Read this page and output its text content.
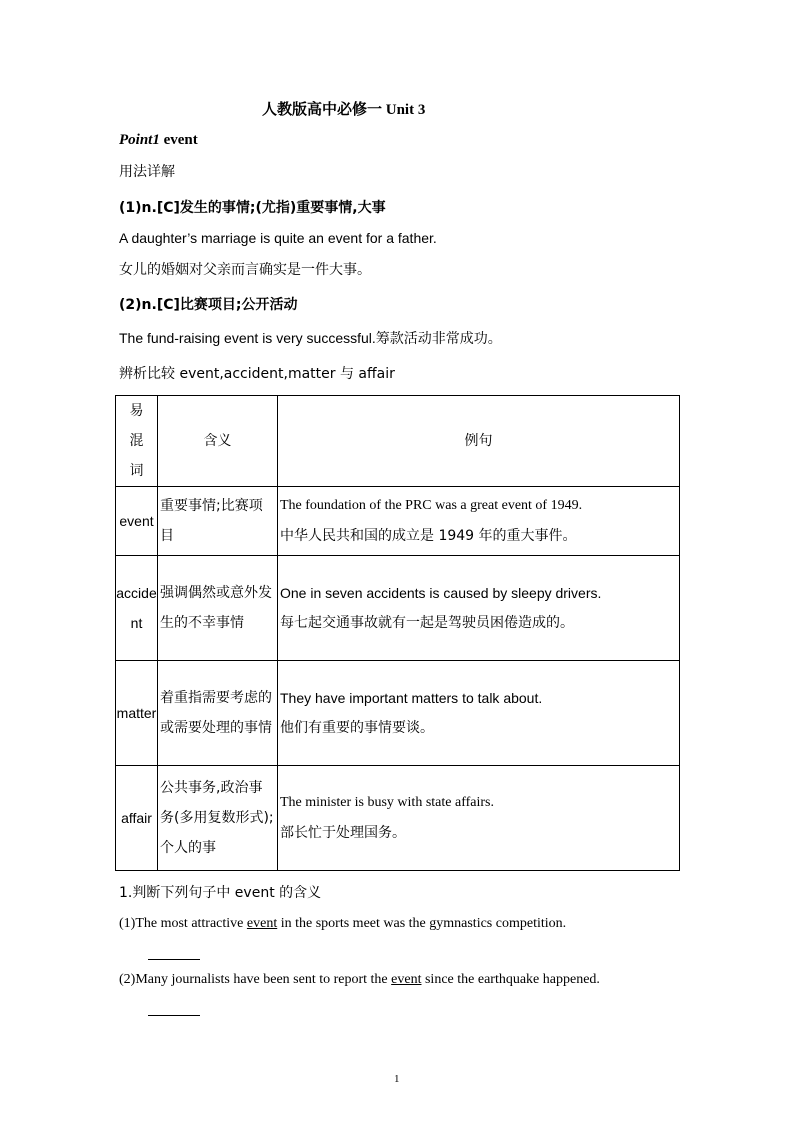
人教版高中必修一 Unit 3
Point1 event
用法详解
(1)n.[C]发生的事情;(尤指)重要事情,大事
A daughter’s marriage is quite an event for a father.
女儿的婚姻对父亲而言确实是一件大事。
(2)n.[C]比赛项目;公开活动
The fund-raising event is very successful.筹款活动非常成功。
辨析比较 event,accident,matter 与 affair
易混词	含义	例句
event	重要事情;比赛项目	The foundation of the PRC was a great event of 1949.
中华人民共和国的成立是 1949 年的重大事件。

accident	强调偶然或意外发生的不幸事情	One in seven accidents is caused by sleepy drivers.
每七起交通事故就有一起是驾驶员困倦造成的。

matter	着重指需要考虑的或需要处理的事情	They have important matters to talk about.
他们有重要的事情要谈。

affair	公共事务,政治事务(多用复数形式);个人的事	The minister is busy with state affairs.
部长忙于处理国务。
1.判断下列句子中 event 的含义
(1)The most attractive event in the sports meet was the gymnastics competition.
(2)Many journalists have been sent to report the event since the earthquake happened.
1
